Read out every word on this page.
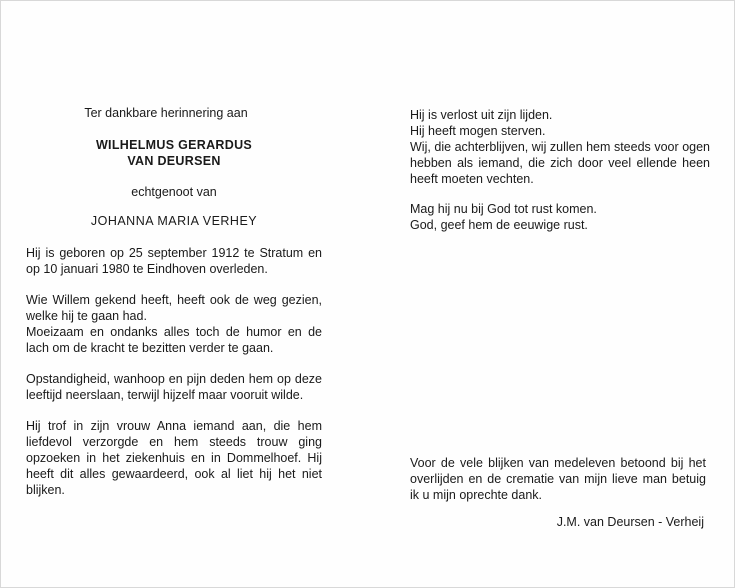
Ter dankbare herinnering aan

WILHELMUS GERARDUS

VAN DEURSEN

echtgenoot van

JOHANNA MARIA VERHEY

Hij is geboren op 25 september 1912 te Stratum en op 10 januari 1980 te Eindhoven overleden.

Wie Willem gekend heeft, heeft ook de weg gezien, welke hij te gaan had.

Moeizaam en ondanks alles toch de humor en de lach om de kracht te bezitten verder te gaan.

Opstandigheid, wanhoop en pijn deden hem op deze leeftijd neerslaan, terwijl hijzelf maar vooruit wilde.

Hij trof in zijn vrouw Anna iemand aan, die hem liefdevol verzorgde en hem steeds trouw ging opzoeken in het ziekenhuis en in Dommelhoef. Hij heeft dit alles gewaardeerd, ook al liet hij het niet blijken.

Hij is verlost uit zijn lijden.

Hij heeft mogen sterven.

Wij, die achterblijven, wij zullen hem steeds voor ogen hebben als iemand, die zich door veel ellende heen heeft moeten vechten.

Mag hij nu bij God tot rust komen.

God, geef hem de eeuwige rust.

Voor de vele blijken van medeleven betoond bij het overlijden en de crematie van mijn lieve man betuig ik u mijn oprechte dank.

J.M. van Deursen - Verheij
